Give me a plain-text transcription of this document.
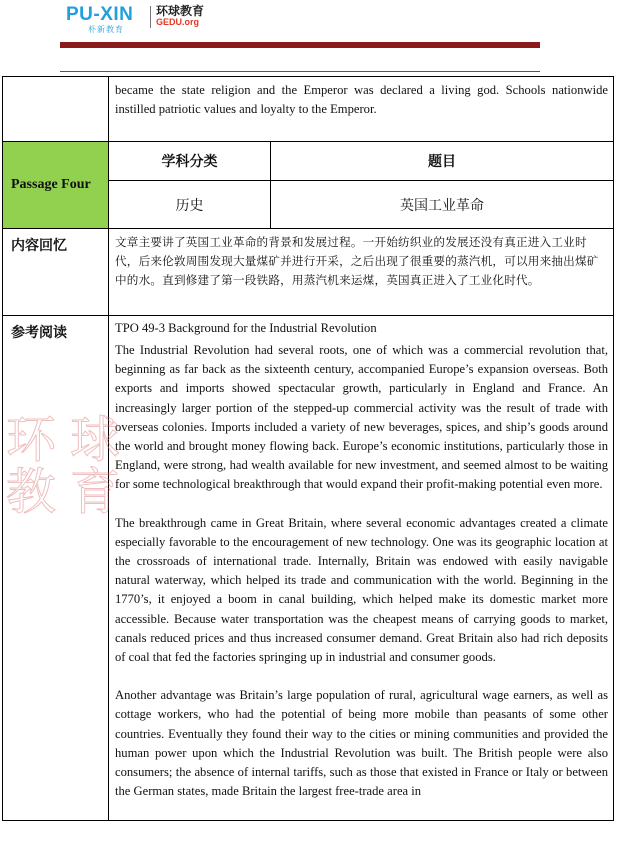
PU-XIN
朴新教育
环球教育
GEDU.org
	became the state religion and the Emperor was declared a living god. Schools nationwide instilled patriotic values and loyalty to the Emperor.	
Passage Four	学科分类	题目
	历史	英国工业革命
内容回忆	文章主要讲了英国工业革命的背景和发展过程。一开始纺织业的发展还没有真正进入工业时代，后来伦敦周围发现大量煤矿并进行开采，之后出现了很重要的蒸汽机，可以用来抽出煤矿中的水。直到修建了第一段铁路，用蒸汽机来运煤，英国真正进入了工业化时代。	
参考阅读	TPO 49-3 Background for the Industrial Revolution

The Industrial Revolution had several roots, one of which was a commercial revolution that, beginning as far back as the sixteenth century, accompanied Europe’s expansion overseas. Both exports and imports showed spectacular growth, particularly in England and France. An increasingly larger portion of the stepped-up commercial activity was the result of trade with overseas colonies. Imports included a variety of new beverages, spices, and ship’s goods around the world and brought money flowing back. Europe’s economic institutions, particularly those in England, were strong, had wealth available for new investment, and seemed almost to be waiting for some technological breakthrough that would expand their profit-making potential even more.

The breakthrough came in Great Britain, where several economic advantages created a climate especially favorable to the encouragement of new technology. One was its geographic location at the crossroads of international trade. Internally, Britain was endowed with easily navigable natural waterway, which helped its trade and communication with the world. Beginning in the 1770’s, it enjoyed a boom in canal building, which helped make its domestic market more accessible. Because water transportation was the cheapest means of carrying goods to market, canals reduced prices and thus increased consumer demand. Great Britain also had rich deposits of coal that fed the factories springing up in industrial and consumer goods.

Another advantage was Britain’s large population of rural, agricultural wage earners, as well as cottage workers, who had the potential of being more mobile than peasants of some other countries. Eventually they found their way to the cities or mining communities and provided the human power upon which the Industrial Revolution was built. The British people were also consumers; the absence of internal tariffs, such as those that existed in France or Italy or between the German states, made Britain the largest free-trade area in	

环球
教育
